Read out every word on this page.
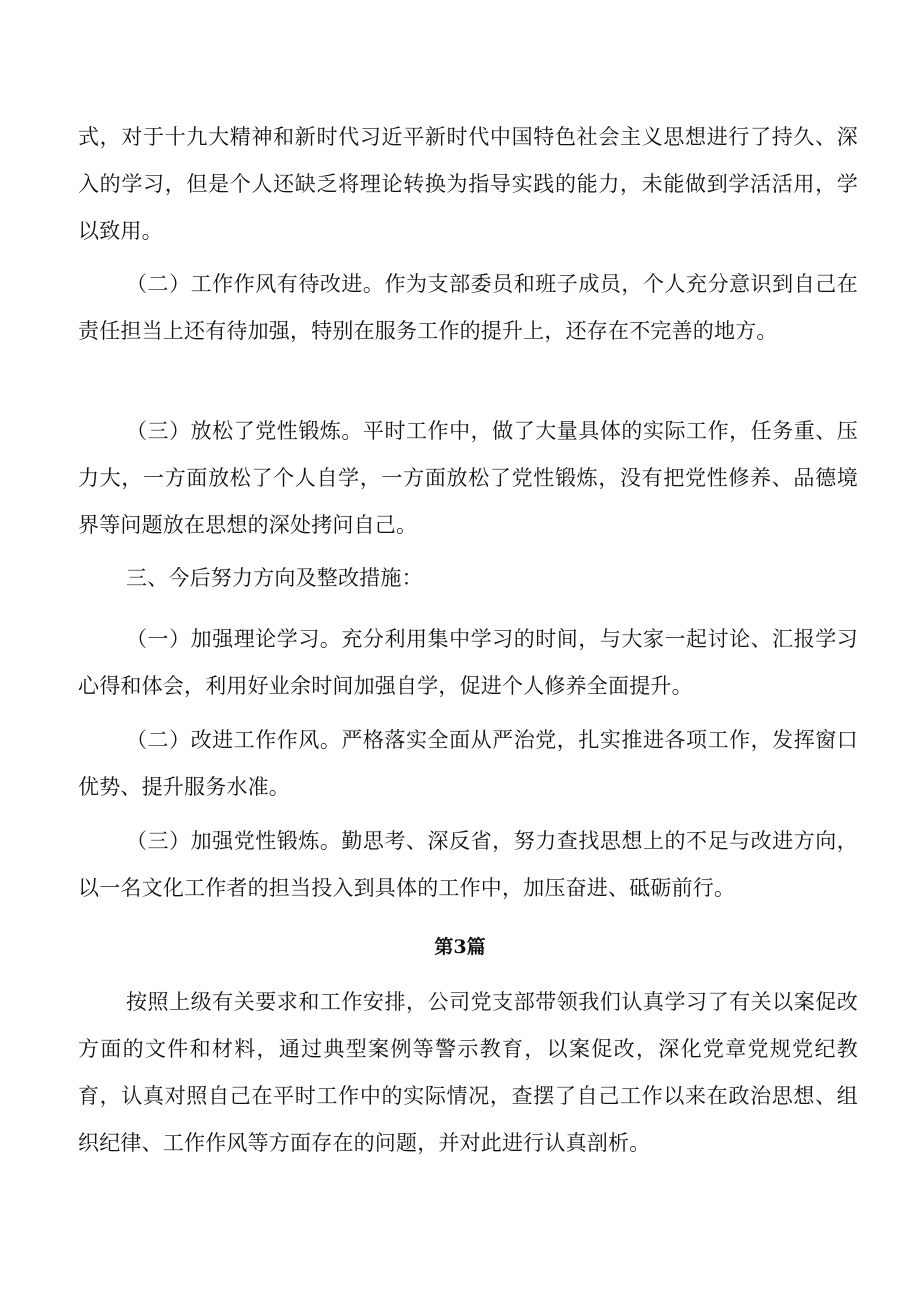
式，对于十九大精神和新时代习近平新时代中国特色社会主义思想进行了持久、深入的学习，但是个人还缺乏将理论转换为指导实践的能力，未能做到学活活用，学以致用。

（二）工作作风有待改进。作为支部委员和班子成员，个人充分意识到自己在责任担当上还有待加强，特别在服务工作的提升上，还存在不完善的地方。

（三）放松了党性锻炼。平时工作中，做了大量具体的实际工作，任务重、压力大，一方面放松了个人自学，一方面放松了党性锻炼，没有把党性修养、品德境界等问题放在思想的深处拷问自己。

三、今后努力方向及整改措施：

（一）加强理论学习。充分利用集中学习的时间，与大家一起讨论、汇报学习心得和体会，利用好业余时间加强自学，促进个人修养全面提升。

（二）改进工作作风。严格落实全面从严治党，扎实推进各项工作，发挥窗口优势、提升服务水准。

（三）加强党性锻炼。勤思考、深反省，努力查找思想上的不足与改进方向，以一名文化工作者的担当投入到具体的工作中，加压奋进、砥砺前行。

第3篇

按照上级有关要求和工作安排，公司党支部带领我们认真学习了有关以案促改方面的文件和材料，通过典型案例等警示教育，以案促改，深化党章党规党纪教育，认真对照自己在平时工作中的实际情况，查摆了自己工作以来在政治思想、组织纪律、工作作风等方面存在的问题，并对此进行认真剖析。
